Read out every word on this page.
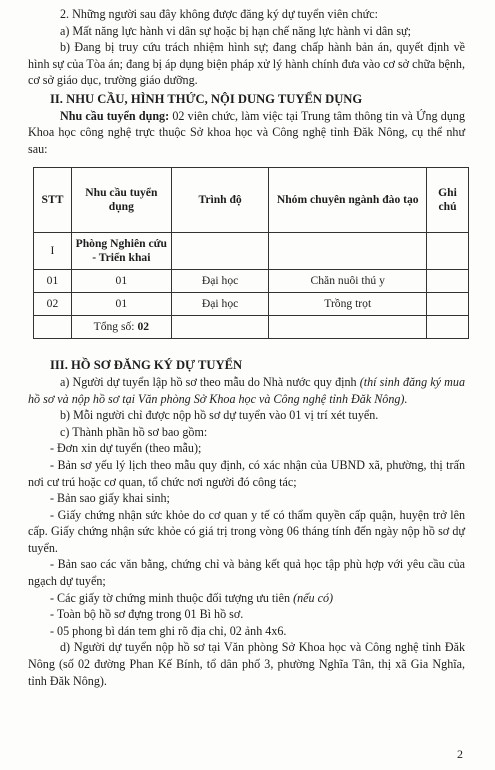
2. Những người sau đây không được đăng ký dự tuyển viên chức:

a) Mất năng lực hành vi dân sự hoặc bị hạn chế năng lực hành vi dân sự;

b) Đang bị truy cứu trách nhiệm hình sự; đang chấp hành bản án, quyết định về hình sự của Tòa án; đang bị áp dụng biện pháp xử lý hành chính đưa vào cơ sở chữa bệnh, cơ sở giáo dục, trường giáo dưỡng.

II. NHU CẦU, HÌNH THỨC, NỘI DUNG TUYỂN DỤNG

Nhu cầu tuyển dụng: 02 viên chức, làm việc tại Trung tâm thông tin và Ứng dụng Khoa học công nghệ trực thuộc Sở khoa học và Công nghệ tỉnh Đăk Nông, cụ thể như sau:

STT	Nhu cầu tuyển dụng	Trình độ	Nhóm chuyên ngành đào tạo	Ghi chú
I	Phòng Nghiên cứu - Triển khai			
01	01	Đại học	Chăn nuôi thú y	
02	01	Đại học	Trồng trọt	
	Tổng số: 02			

III. HỒ SƠ ĐĂNG KÝ DỰ TUYỂN

a) Người dự tuyển lập hồ sơ theo mẫu do Nhà nước quy định (thí sinh đăng ký mua hồ sơ và nộp hồ sơ tại Văn phòng Sở Khoa học và Công nghệ tỉnh Đăk Nông).

b) Mỗi người chỉ được nộp hồ sơ dự tuyển vào 01 vị trí xét tuyển.

c) Thành phần hồ sơ bao gồm:

- Đơn xin dự tuyển (theo mẫu);

- Bản sơ yếu lý lịch theo mẫu quy định, có xác nhận của UBND xã, phường, thị trấn nơi cư trú hoặc cơ quan, tổ chức nơi người đó công tác;

- Bản sao giấy khai sinh;

- Giấy chứng nhận sức khỏe do cơ quan y tế có thẩm quyền cấp quận, huyện trở lên cấp. Giấy chứng nhận sức khỏe có giá trị trong vòng 06 tháng tính đến ngày nộp hồ sơ dự tuyển.

- Bản sao các văn bằng, chứng chỉ và bảng kết quả học tập phù hợp với yêu cầu của ngạch dự tuyển;

- Các giấy tờ chứng minh thuộc đối tượng ưu tiên (nếu có)

- Toàn bộ hồ sơ đựng trong 01 Bì hồ sơ.

- 05 phong bì dán tem ghi rõ địa chỉ, 02 ảnh 4x6.

d) Người dự tuyển nộp hồ sơ tại Văn phòng Sở Khoa học và Công nghệ tỉnh Đăk Nông (số 02 đường Phan Kế Bính, tổ dân phố 3, phường Nghĩa Tân, thị xã Gia Nghĩa, tỉnh Đăk Nông).

2
